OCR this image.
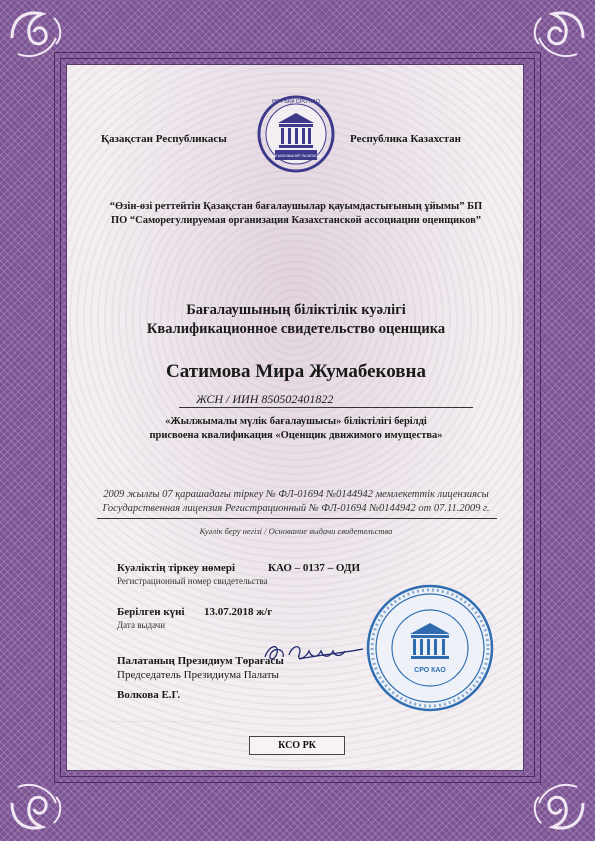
Қазақстан Республикасы	Республика Казахстан
ӨРҰ БҚҰ СРО КАО
БАҒАЛАУШЫЛАР ПАЛАТАСЫ
“Өзін-өзі реттейтін Қазақстан бағалаушылар қауымдастығының ұйымы” БП
ПО “Саморегулируемая организация Казахстанской ассоциации оценщиков”
Бағалаушының біліктілік куәлігі
Квалификационное свидетельство оценщика
Сатимова Мира Жумабековна
ЖСН / ИИН 850502401822
«Жылжымалы мүлік бағалаушысы» біліктілігі берілді
присвоена квалификация «Оценщик движимого имущества»
2009 жылғы 07 қарашадағы тіркеу № ФЛ-01694 №0144942 мемлекеттік лицензиясы
Государственная лицензия Регистрационный № ФЛ-01694 №0144942 от 07.11.2009 г.
Куәлік беру негізі / Основание выдачи свидетельства
Куәліктің тіркеу нөмері
Регистрационный номер свидетельства
КАО – 0137 – ОДИ
Берілген күні
Дата выдачи
13.07.2018 ж/г
Палатаның Президиум Төрағасы
Председатель Президиума Палаты
Волкова Е.Г.
СРО КАО
· · · · · · · · · · · · · · · · · · · · · · · · · · · · · · · · · · · · · · · · · · · · · · · · · · · · · · · · · · · · · · · · · · · · · · · · · · · · · · · ·
КСО РК
